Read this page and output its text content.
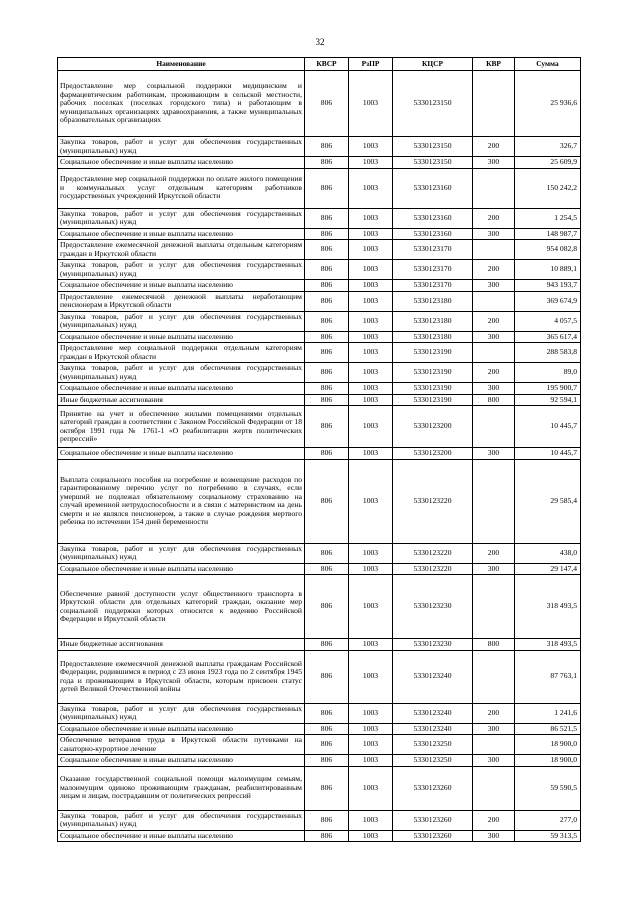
32
Наименование	КВСР	РзПР	КЦСР	КВР	Сумма
Предоставление мер социальной поддержки медицинским и фармацевтическим работникам, проживающим в сельской местности, рабочих поселках (поселках городского типа) и работающим в муниципальных организациях здравоохранения, а также муниципальных образовательных организациях	806	1003	5330123150		25 936,6
Закупка товаров, работ и услуг для обеспечения государственных (муниципальных) нужд	806	1003	5330123150	200	326,7
Социальное обеспечение и иные выплаты населению	806	1003	5330123150	300	25 609,9
Предоставление мер социальной поддержки по оплате жилого помещения и коммунальных услуг отдельным категориям работников государственных учреждений Иркутской области	806	1003	5330123160		150 242,2
Закупка товаров, работ и услуг для обеспечения государственных (муниципальных) нужд	806	1003	5330123160	200	1 254,5
Социальное обеспечение и иные выплаты населению	806	1003	5330123160	300	148 987,7
Предоставление ежемесячной денежной выплаты отдельным категориям граждан в Иркутской области	806	1003	5330123170		954 082,8
Закупка товаров, работ и услуг для обеспечения государственных (муниципальных) нужд	806	1003	5330123170	200	10 889,1
Социальное обеспечение и иные выплаты населению	806	1003	5330123170	300	943 193,7
Предоставление ежемесячной денежной выплаты неработающим пенсионерам в Иркутской области	806	1003	5330123180		369 674,9
Закупка товаров, работ и услуг для обеспечения государственных (муниципальных) нужд	806	1003	5330123180	200	4 057,5
Социальное обеспечение и иные выплаты населению	806	1003	5330123180	300	365 617,4
Предоставление мер социальной поддержки отдельным категориям граждан в Иркутской области	806	1003	5330123190		288 583,8
Закупка товаров, работ и услуг для обеспечения государственных (муниципальных) нужд	806	1003	5330123190	200	89,0
Социальное обеспечение и иные выплаты населению	806	1003	5330123190	300	195 900,7
Иные бюджетные ассигнования	806	1003	5330123190	800	92 594,1
Принятие на учет и обеспечение жилыми помещениями отдельных категорий граждан в соответствии с Законом Российской Федерации от 18 октября 1991 года № 1761-1 «О реабилитации жертв политических репрессий»	806	1003	5330123200		10 445,7
Социальное обеспечение и иные выплаты населению	806	1003	5330123200	300	10 445,7
Выплата социального пособия на погребение и возмещение расходов по гарантированному перечню услуг по погребению в случаях, если умерший не подлежал обязательному социальному страхованию на случай временной нетрудоспособности и в связи с материнством на день смерти и не являлся пенсионером, а также в случае рождения мертвого ребенка по истечении 154 дней беременности	806	1003	5330123220		29 585,4
Закупка товаров, работ и услуг для обеспечения государственных (муниципальных) нужд	806	1003	5330123220	200	438,0
Социальное обеспечение и иные выплаты населению	806	1003	5330123220	300	29 147,4
Обеспечение равной доступности услуг общественного транспорта в Иркутской области для отдельных категорий граждан, оказание мер социальной поддержки которых относится к ведению Российской Федерации и Иркутской области	806	1003	5330123230		318 493,5
Иные бюджетные ассигнования	806	1003	5330123230	800	318 493,5
Предоставление ежемесячной денежной выплаты гражданам Российской Федерации, родившимся в период с 23 июня 1923 года по 2 сентября 1945 года и проживающим в Иркутской области, которым присвоен статус детей Великой Отечественной войны	806	1003	5330123240		87 763,1
Закупка товаров, работ и услуг для обеспечения государственных (муниципальных) нужд	806	1003	5330123240	200	1 241,6
Социальное обеспечение и иные выплаты населению	806	1003	5330123240	300	86 521,5
Обеспечение ветеранов труда в Иркутской области путевками на санаторно-курортное лечение	806	1003	5330123250		18 900,0
Социальное обеспечение и иные выплаты населению	806	1003	5330123250	300	18 900,0
Оказание государственной социальной помощи малоимущим семьям, малоимущим одиноко проживающим гражданам, реабилитированным лицам и лицам, пострадавшим от политических репрессий	806	1003	5330123260		59 590,5
Закупка товаров, работ и услуг для обеспечения государственных (муниципальных) нужд	806	1003	5330123260	200	277,0
Социальное обеспечение и иные выплаты населению	806	1003	5330123260	300	59 313,5
